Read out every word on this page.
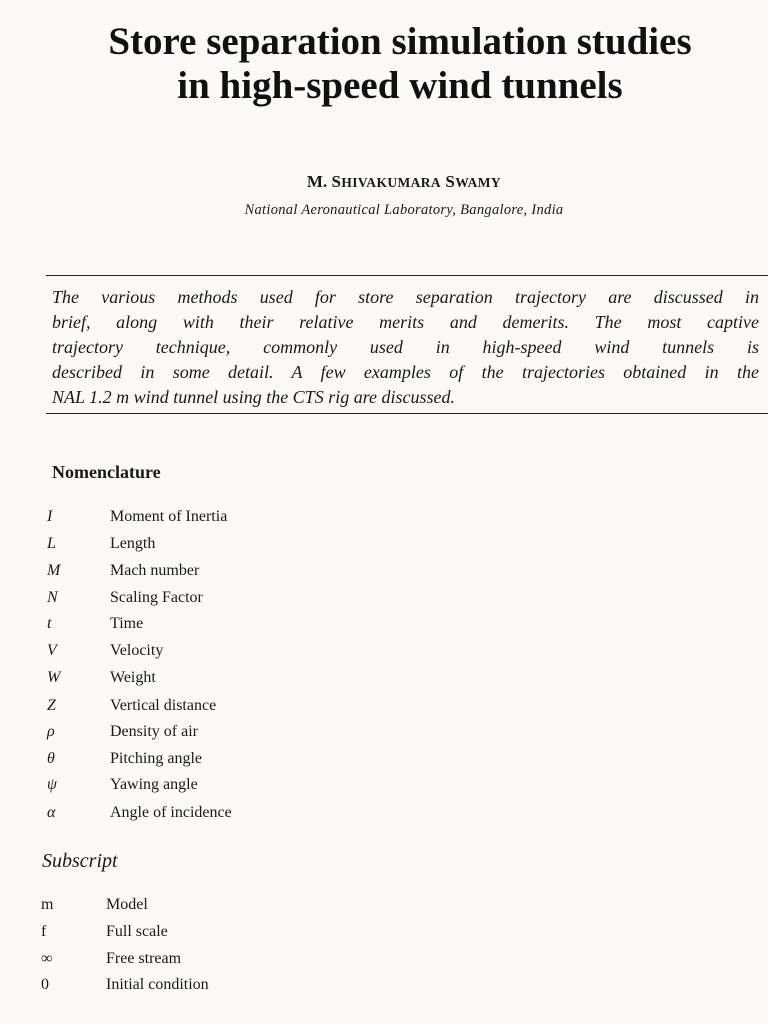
Store separation simulation studies
in high-speed wind tunnels
M. SHIVAKUMARA SWAMY
National Aeronautical Laboratory, Bangalore, India
The various methods used for store separation trajectory are discussed in
brief, along with their relative merits and demerits. The most captive
trajectory technique, commonly used in high-speed wind tunnels is
described in some detail. A few examples of the trajectories obtained in the
NAL 1.2 m wind tunnel using the CTS rig are discussed.
Nomenclature
I	Moment of Inertia
L	Length
M	Mach number
N	Scaling Factor
t	Time
V	Velocity
W	Weight
Z	Vertical distance
ρ	Density of air
θ	Pitching angle
ψ	Yawing angle
α	Angle of incidence
Subscript
m	Model
f	Full scale
∞	Free stream
0	Initial condition
